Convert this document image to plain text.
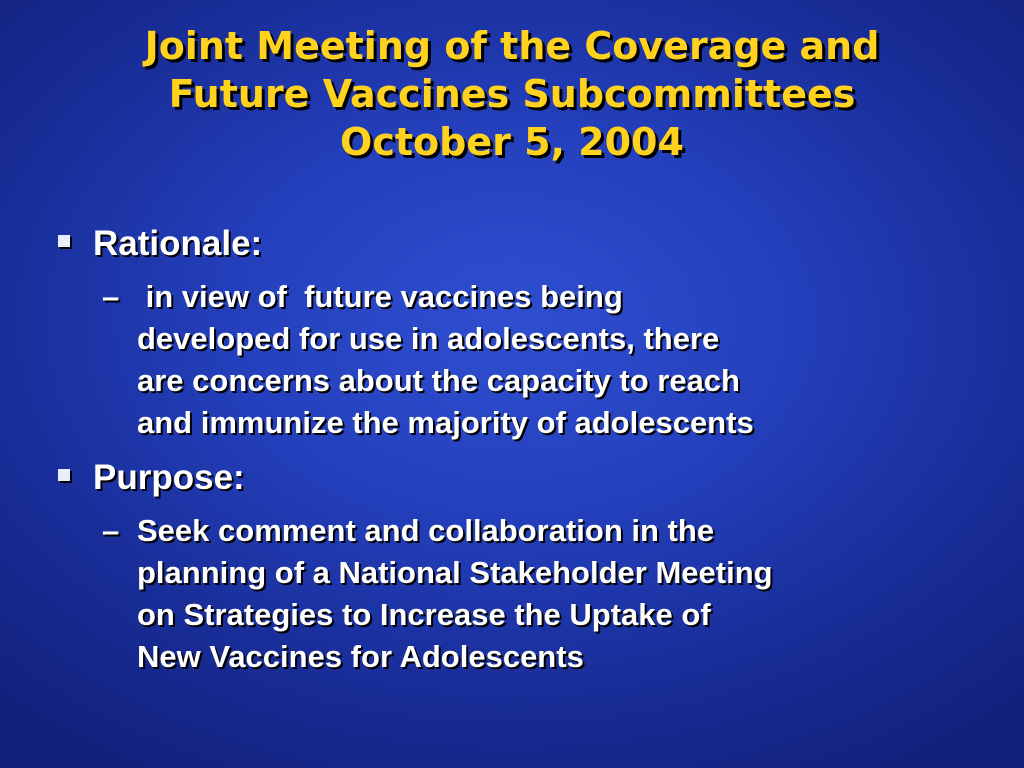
Joint Meeting of the Coverage and
Future Vaccines Subcommittees
October 5, 2004
Rationale:
– in view of  future vaccines being
developed for use in adolescents, there
are concerns about the capacity to reach
and immunize the majority of adolescents
Purpose:
– Seek comment and collaboration in the
planning of a National Stakeholder Meeting
on Strategies to Increase the Uptake of
New Vaccines for Adolescents
